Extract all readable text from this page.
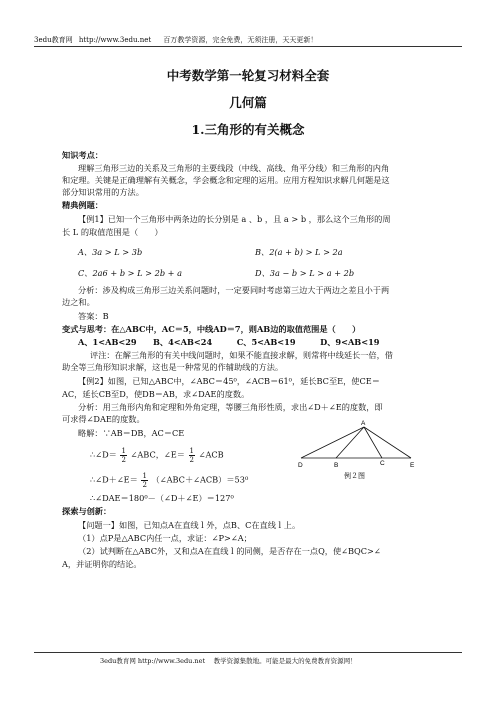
3edu教育网 http://www.3edu.net 百万教学资源，完全免费，无须注册，天天更新！
中考数学第一轮复习材料全套
几何篇
1.三角形的有关概念
知识考点：
理解三角形三边的关系及三角形的主要线段（中线、高线、角平分线）和三角形的内角
和定理。关键是正确理解有关概念，学会概念和定理的运用。应用方程知识求解几何题是这
部分知识常用的方法。
精典例题：
【例1】已知一个三角形中两条边的长分别是 a 、b ，且 a > b ，那么这个三角形的周
长 L 的取值范围是（　　）
A、3a > L > 3b	B、2(a + b) > L > 2a
C、2a6 + b > L > 2b + a	D、3a − b > L > a + 2b
分析：涉及构成三角形三边关系问题时，一定要同时考虑第三边大于两边之差且小于两
边之和。
答案：B
变式与思考：在△ABC中，AC＝5，中线AD＝7，则AB边的取值范围是（　　）
A、1<AB<29　　B、4<AB<24　　　C、5<AB<19　　　D、9<AB<19
评注：在解三角形的有关中线问题时，如果不能直接求解，则常将中线延长一倍，借
助全等三角形知识求解，这也是一种常见的作辅助线的方法。
【例2】如图，已知△ABC中，∠ABC＝45⁰，∠ACB＝61⁰，延长BC至E，使CE＝
AC，延长CB至D，使DB＝AB，求∠DAE的度数。
分析：用三角形内角和定理和外角定理，等腰三角形性质，求出∠D＋∠E的度数，即
可求得∠DAE的度数。
略解：∵AB＝DB，AC＝CE
∴∠D＝ $\frac{1}{2}$ ∠ABC，∠E＝ $\frac{1}{2}$ ∠ACB
∴∠D＋∠E＝ $\frac{1}{2}$ （∠ABC＋∠ACB）＝53⁰
∴∠DAE＝180⁰－（∠D＋∠E）＝127⁰
A
D	B	C	E
例２图
探索与创新：
【问题一】如图，已知点A在直线 l 外，点B、C在直线 l 上。
（1）点P是△ABC内任一点，求证：∠P>∠A；
（2）试判断在△ABC外，又和点A在直线 l 的同侧，是否存在一点Q，使∠BQC>∠
A，并证明你的结论。
3edu教育网 http://www.3edu.net　 教学资源集散地。可能是最大的免费教育资源网！
